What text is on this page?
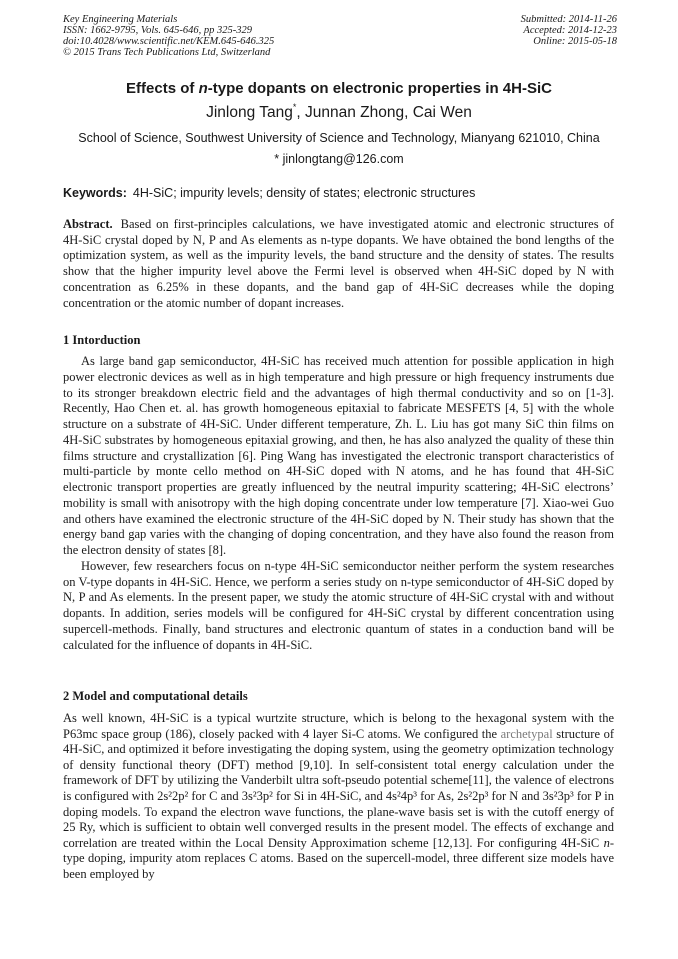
Key Engineering Materials
ISSN: 1662-9795, Vols. 645-646, pp 325-329
doi:10.4028/www.scientific.net/KEM.645-646.325
© 2015 Trans Tech Publications Ltd, Switzerland
Submitted: 2014-11-26
Accepted: 2014-12-23
Online: 2015-05-18
Effects of n-type dopants on electronic properties in 4H-SiC
Jinlong Tang*, Junnan Zhong, Cai Wen
School of Science, Southwest University of Science and Technology, Mianyang 621010, China
* jinlongtang@126.com
Keywords: 4H-SiC; impurity levels; density of states; electronic structures
Abstract. Based on first-principles calculations, we have investigated atomic and electronic structures of 4H-SiC crystal doped by N, P and As elements as n-type dopants. We have obtained the bond lengths of the optimization system, as well as the impurity levels, the band structure and the density of states. The results show that the higher impurity level above the Fermi level is observed when 4H-SiC doped by N with concentration as 6.25% in these dopants, and the band gap of 4H-SiC decreases while the doping concentration or the atomic number of dopant increases.
1 Intorduction

As large band gap semiconductor, 4H-SiC has received much attention for possible application in high power electronic devices as well as in high temperature and high pressure or high frequency instruments due to its stronger breakdown electric field and the advantages of high thermal conductivity and so on [1-3]. Recently, Hao Chen et. al. has growth homogeneous epitaxial to fabricate MESFETS [4, 5] with the whole structure on a substrate of 4H-SiC. Under different temperature, Zh. L. Liu has got many SiC thin films on 4H-SiC substrates by homogeneous epitaxial growing, and then, he has also analyzed the quality of these thin films structure and crystallization [6]. Ping Wang has investigated the electronic transport characteristics of multi-particle by monte cello method on 4H-SiC doped with N atoms, and he has found that 4H-SiC electronic transport properties are greatly influenced by the neutral impurity scattering; 4H-SiC electrons’ mobility is small with anisotropy with the high doping concentrate under low temperature [7]. Xiao-wei Guo and others have examined the electronic structure of the 4H-SiC doped by N. Their study has shown that the energy band gap varies with the changing of doping concentration, and they have also found the reason from the electron density of states [8].

However, few researchers focus on n-type 4H-SiC semiconductor neither perform the system researches on V-type dopants in 4H-SiC. Hence, we perform a series study on n-type semiconductor of 4H-SiC doped by N, P and As elements. In the present paper, we study the atomic structure of 4H-SiC crystal with and without dopants. In addition, series models will be configured for 4H-SiC crystal by different concentration using supercell-methods. Finally, band structures and electronic quantum of states in a conduction band will be calculated for the influence of dopants in 4H-SiC.

2 Model and computational details

As well known, 4H-SiC is a typical wurtzite structure, which is belong to the hexagonal system with the P63mc space group (186), closely packed with 4 layer Si-C atoms. We configured the archetypal structure of 4H-SiC, and optimized it before investigating the doping system, using the geometry optimization technology of density functional theory (DFT) method [9,10]. In self-consistent total energy calculation under the framework of DFT by utilizing the Vanderbilt ultra soft-pseudo potential scheme[11], the valence of electrons is configured with 2s²2p² for C and 3s²3p² for Si in 4H-SiC, and 4s²4p³ for As, 2s²2p³ for N and 3s²3p³ for P in doping models. To expand the electron wave functions, the plane-wave basis set is with the cutoff energy of 25 Ry, which is sufficient to obtain well converged results in the present model. The effects of exchange and correlation are treated within the Local Density Approximation scheme [12,13]. For configuring 4H-SiC n-type doping, impurity atom replaces C atoms. Based on the supercell-model, three different size models have been employed by
